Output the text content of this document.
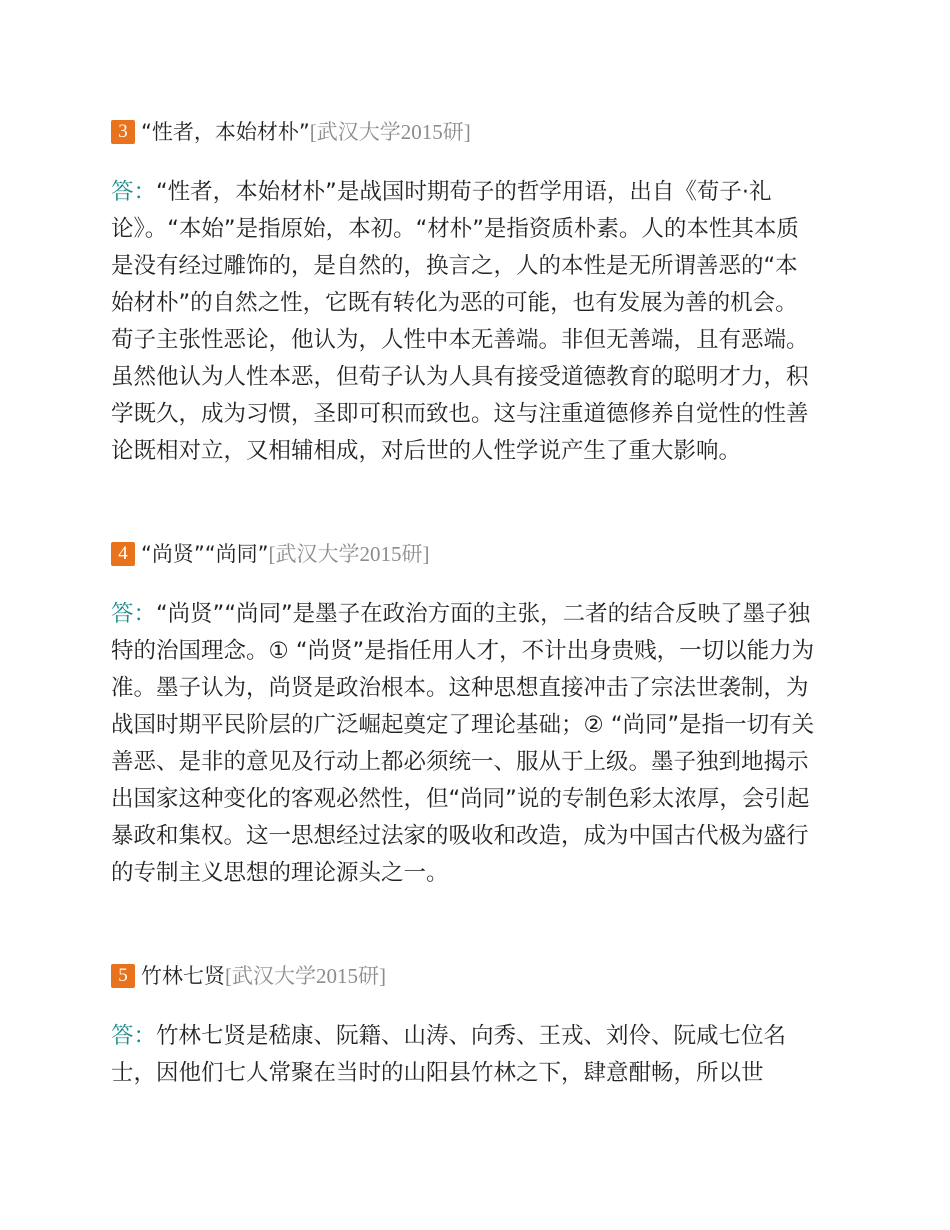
3 “性者，本始材朴” [武汉大学2015研]
答：“性者，本始材朴”是战国时期荀子的哲学用语，出自《荀子·礼
论》。“本始”是指原始，本初。“材朴”是指资质朴素。人的本性其本质
是没有经过雕饰的，是自然的，换言之，人的本性是无所谓善恶的“本
始材朴”的自然之性，它既有转化为恶的可能，也有发展为善的机会。
荀子主张性恶论，他认为，人性中本无善端。非但无善端，且有恶端。
虽然他认为人性本恶，但荀子认为人具有接受道德教育的聪明才力，积
学既久，成为习惯，圣即可积而致也。这与注重道德修养自觉性的性善
论既相对立，又相辅相成，对后世的人性学说产生了重大影响。
4 “尚贤”“尚同” [武汉大学2015研]
答：“尚贤”“尚同”是墨子在政治方面的主张，二者的结合反映了墨子独
特的治国理念。① “尚贤”是指任用人才，不计出身贵贱，一切以能力为
准。墨子认为，尚贤是政治根本。这种思想直接冲击了宗法世袭制，为
战国时期平民阶层的广泛崛起奠定了理论基础；② “尚同”是指一切有关
善恶、是非的意见及行动上都必须统一、服从于上级。墨子独到地揭示
出国家这种变化的客观必然性，但“尚同”说的专制色彩太浓厚，会引起
暴政和集权。这一思想经过法家的吸收和改造，成为中国古代极为盛行
的专制主义思想的理论源头之一。
5 竹林七贤 [武汉大学2015研]
答：竹林七贤是嵇康、阮籍、山涛、向秀、王戎、刘伶、阮咸七位名
士，因他们七人常聚在当时的山阳县竹林之下，肆意酣畅，所以世
